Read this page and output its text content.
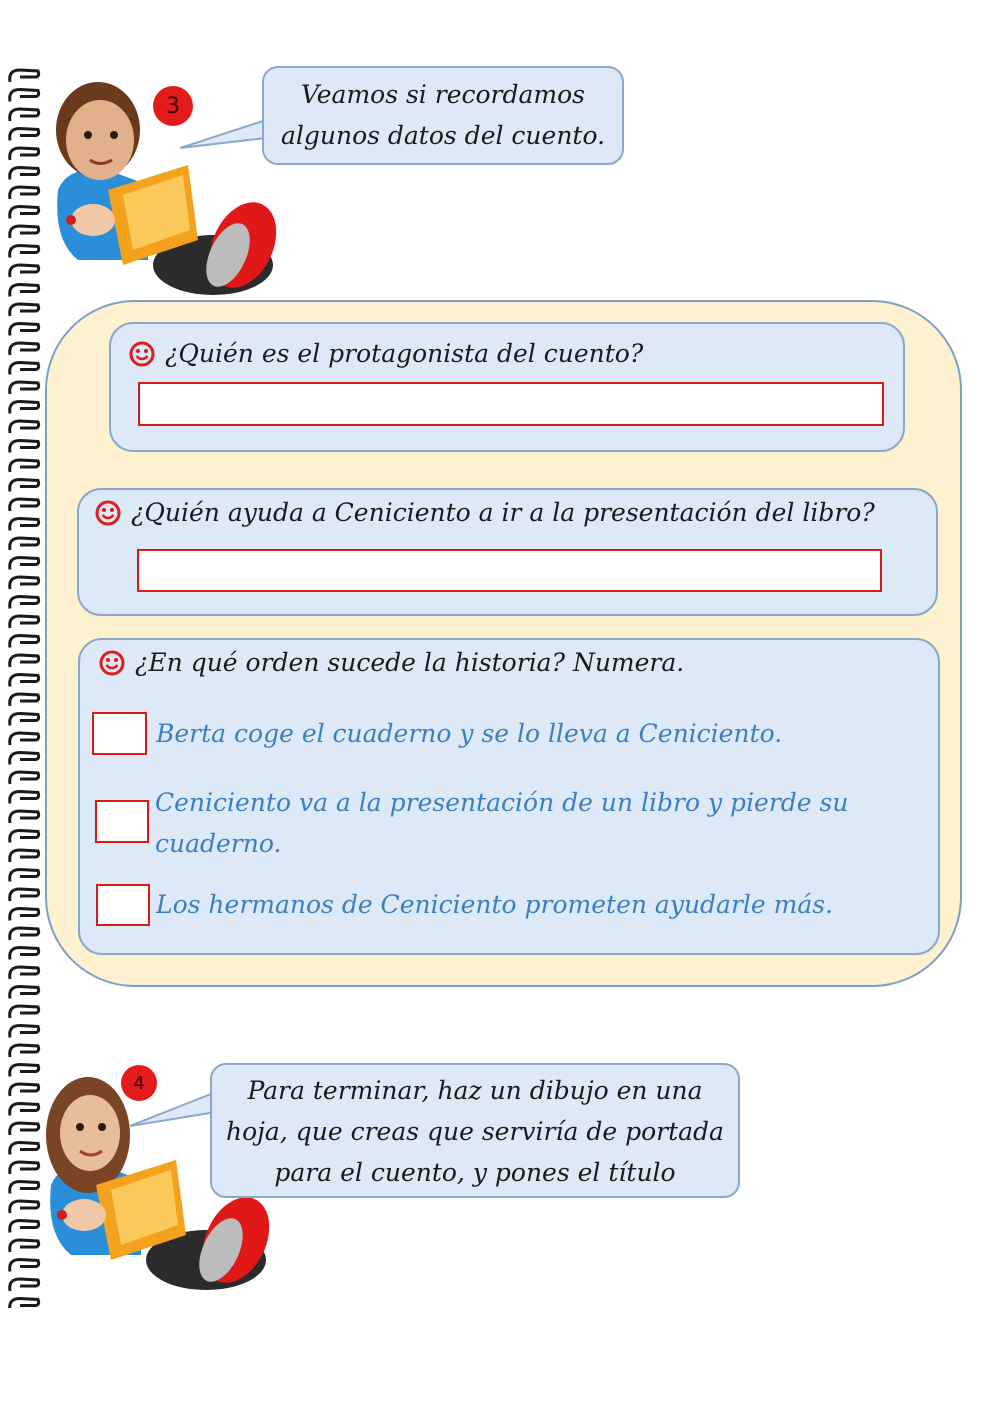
3	Veamos si recordamos
algunos datos del cuento.
¿Quién es el protagonista del cuento?
¿Quién ayuda a Ceniciento a ir a la presentación del libro?
¿En qué orden sucede la historia? Numera.
Berta coge el cuaderno y se lo lleva a Ceniciento.
Ceniciento va a la presentación de un libro y pierde su
cuaderno.
Los hermanos de Ceniciento prometen ayudarle más.
4	Para terminar, haz un dibujo en una
hoja, que creas que serviría de portada
para el cuento, y pones el título
